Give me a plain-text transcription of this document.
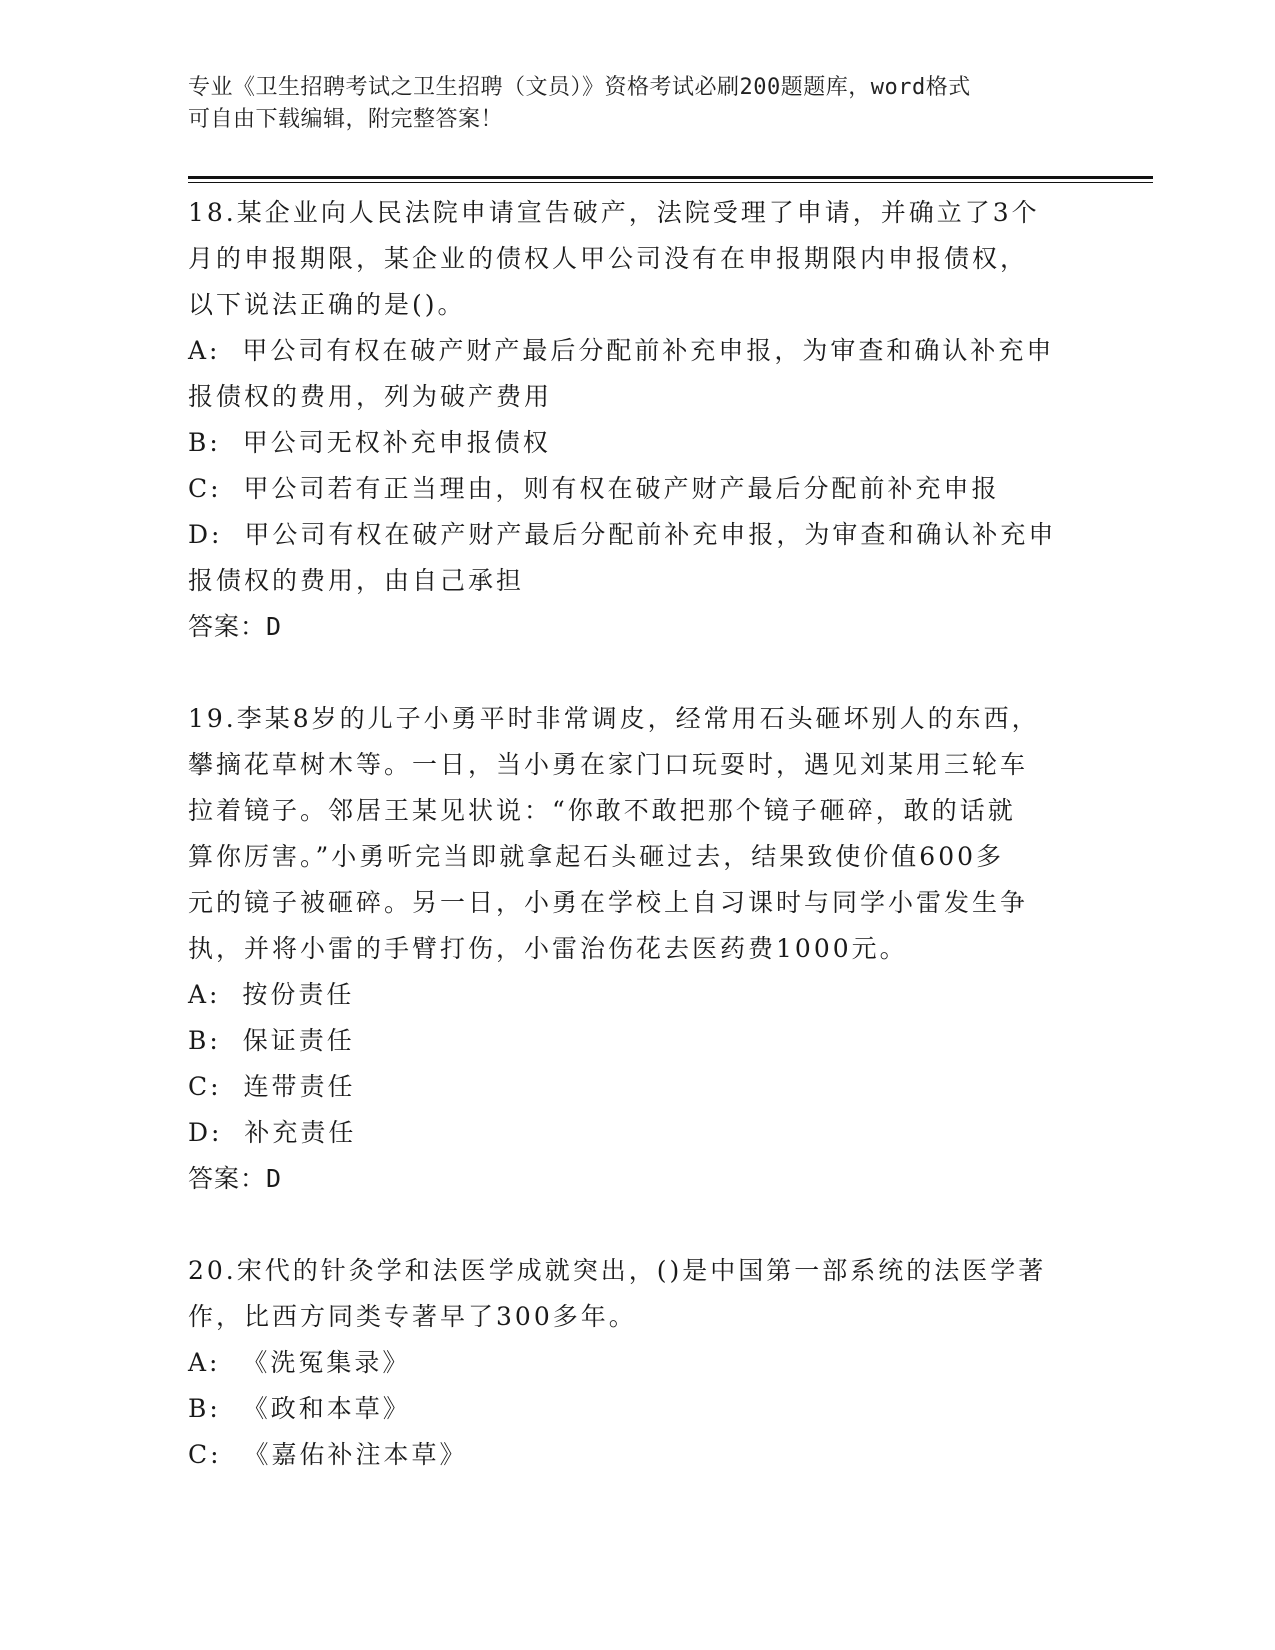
专业《卫生招聘考试之卫生招聘（文员）》资格考试必刷200题题库，word格式
可自由下载编辑，附完整答案！
18.某企业向人民法院申请宣告破产，法院受理了申请，并确立了3个
月的申报期限，某企业的债权人甲公司没有在申报期限内申报债权，
以下说法正确的是()。
A:  甲公司有权在破产财产最后分配前补充申报，为审查和确认补充申
报债权的费用，列为破产费用
B:  甲公司无权补充申报债权
C:  甲公司若有正当理由，则有权在破产财产最后分配前补充申报
D:  甲公司有权在破产财产最后分配前补充申报，为审查和确认补充申
报债权的费用，由自己承担
答案：D
19.李某8岁的儿子小勇平时非常调皮，经常用石头砸坏别人的东西，
攀摘花草树木等。一日，当小勇在家门口玩耍时，遇见刘某用三轮车
拉着镜子。邻居王某见状说：“你敢不敢把那个镜子砸碎，敢的话就
算你厉害。”小勇听完当即就拿起石头砸过去，结果致使价值600多
元的镜子被砸碎。另一日，小勇在学校上自习课时与同学小雷发生争
执，并将小雷的手臂打伤，小雷治伤花去医药费1000元。
A:  按份责任
B:  保证责任
C:  连带责任
D:  补充责任
答案：D
20.宋代的针灸学和法医学成就突出，()是中国第一部系统的法医学著
作，比西方同类专著早了300多年。
A:  《洗冤集录》
B:  《政和本草》
C:  《嘉佑补注本草》
